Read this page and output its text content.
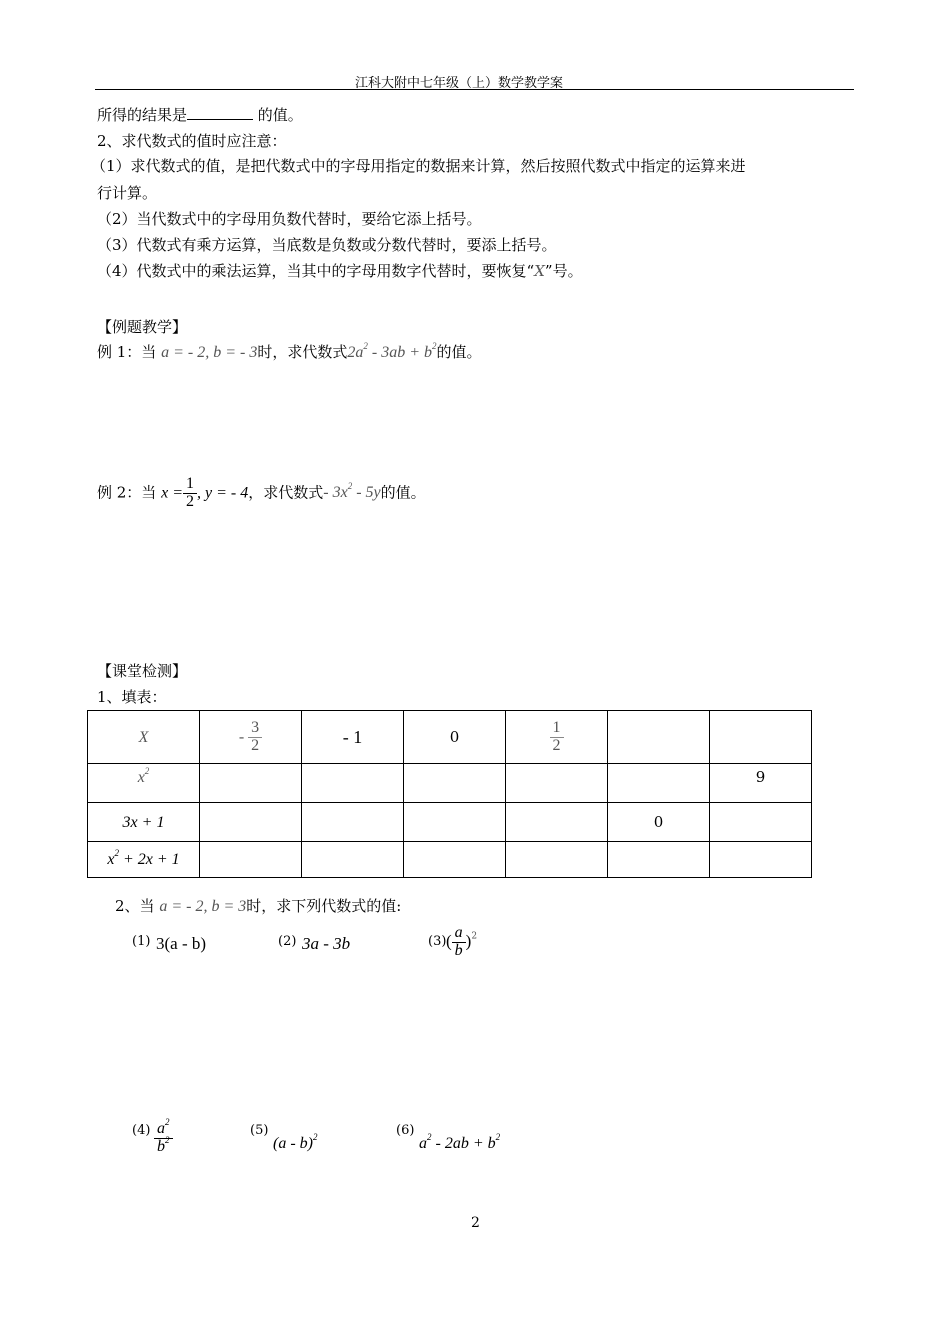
江科大附中七年级（上）数学教学案
所得的结果是	的值。
2、求代数式的值时应注意：
（1）求代数式的值，是把代数式中的字母用指定的数据来计算，然后按照代数式中指定的运算来进
行计算。
（2）当代数式中的字母用负数代替时，要给它添上括号。
（3）代数式有乘方运算，当底数是负数或分数代替时，要添上括号。
（4）代数式中的乘法运算，当其中的字母用数字代替时，要恢复“X”号。
【例题教学】
例 1：当 a = - 2, b = - 3时，求代数式$2a^2 - 3ab + b^2$的值。
例 2：当 $x = \frac{1}{2}$ , y = - 4，求代数式- $3x^2 - 5y$的值。
【课堂检测】
1、填表：
X	- $\frac{3}{2}$	- 1	0	$\frac{1}{2}$

$x^2$						9
3x + 1					0	
$x^2 + 2x + 1$						
2、当 a = - 2, b = 3时，求下列代数式的值:
(1) 3(a - b)	(2) 3a - 3b	(3) ( $\frac{a}{b} )^2$
$(4) \frac{a^2}{b^2}$	(5)
(a - b)$^2$	(6)
$a^2 - 2ab + b^2$
2
